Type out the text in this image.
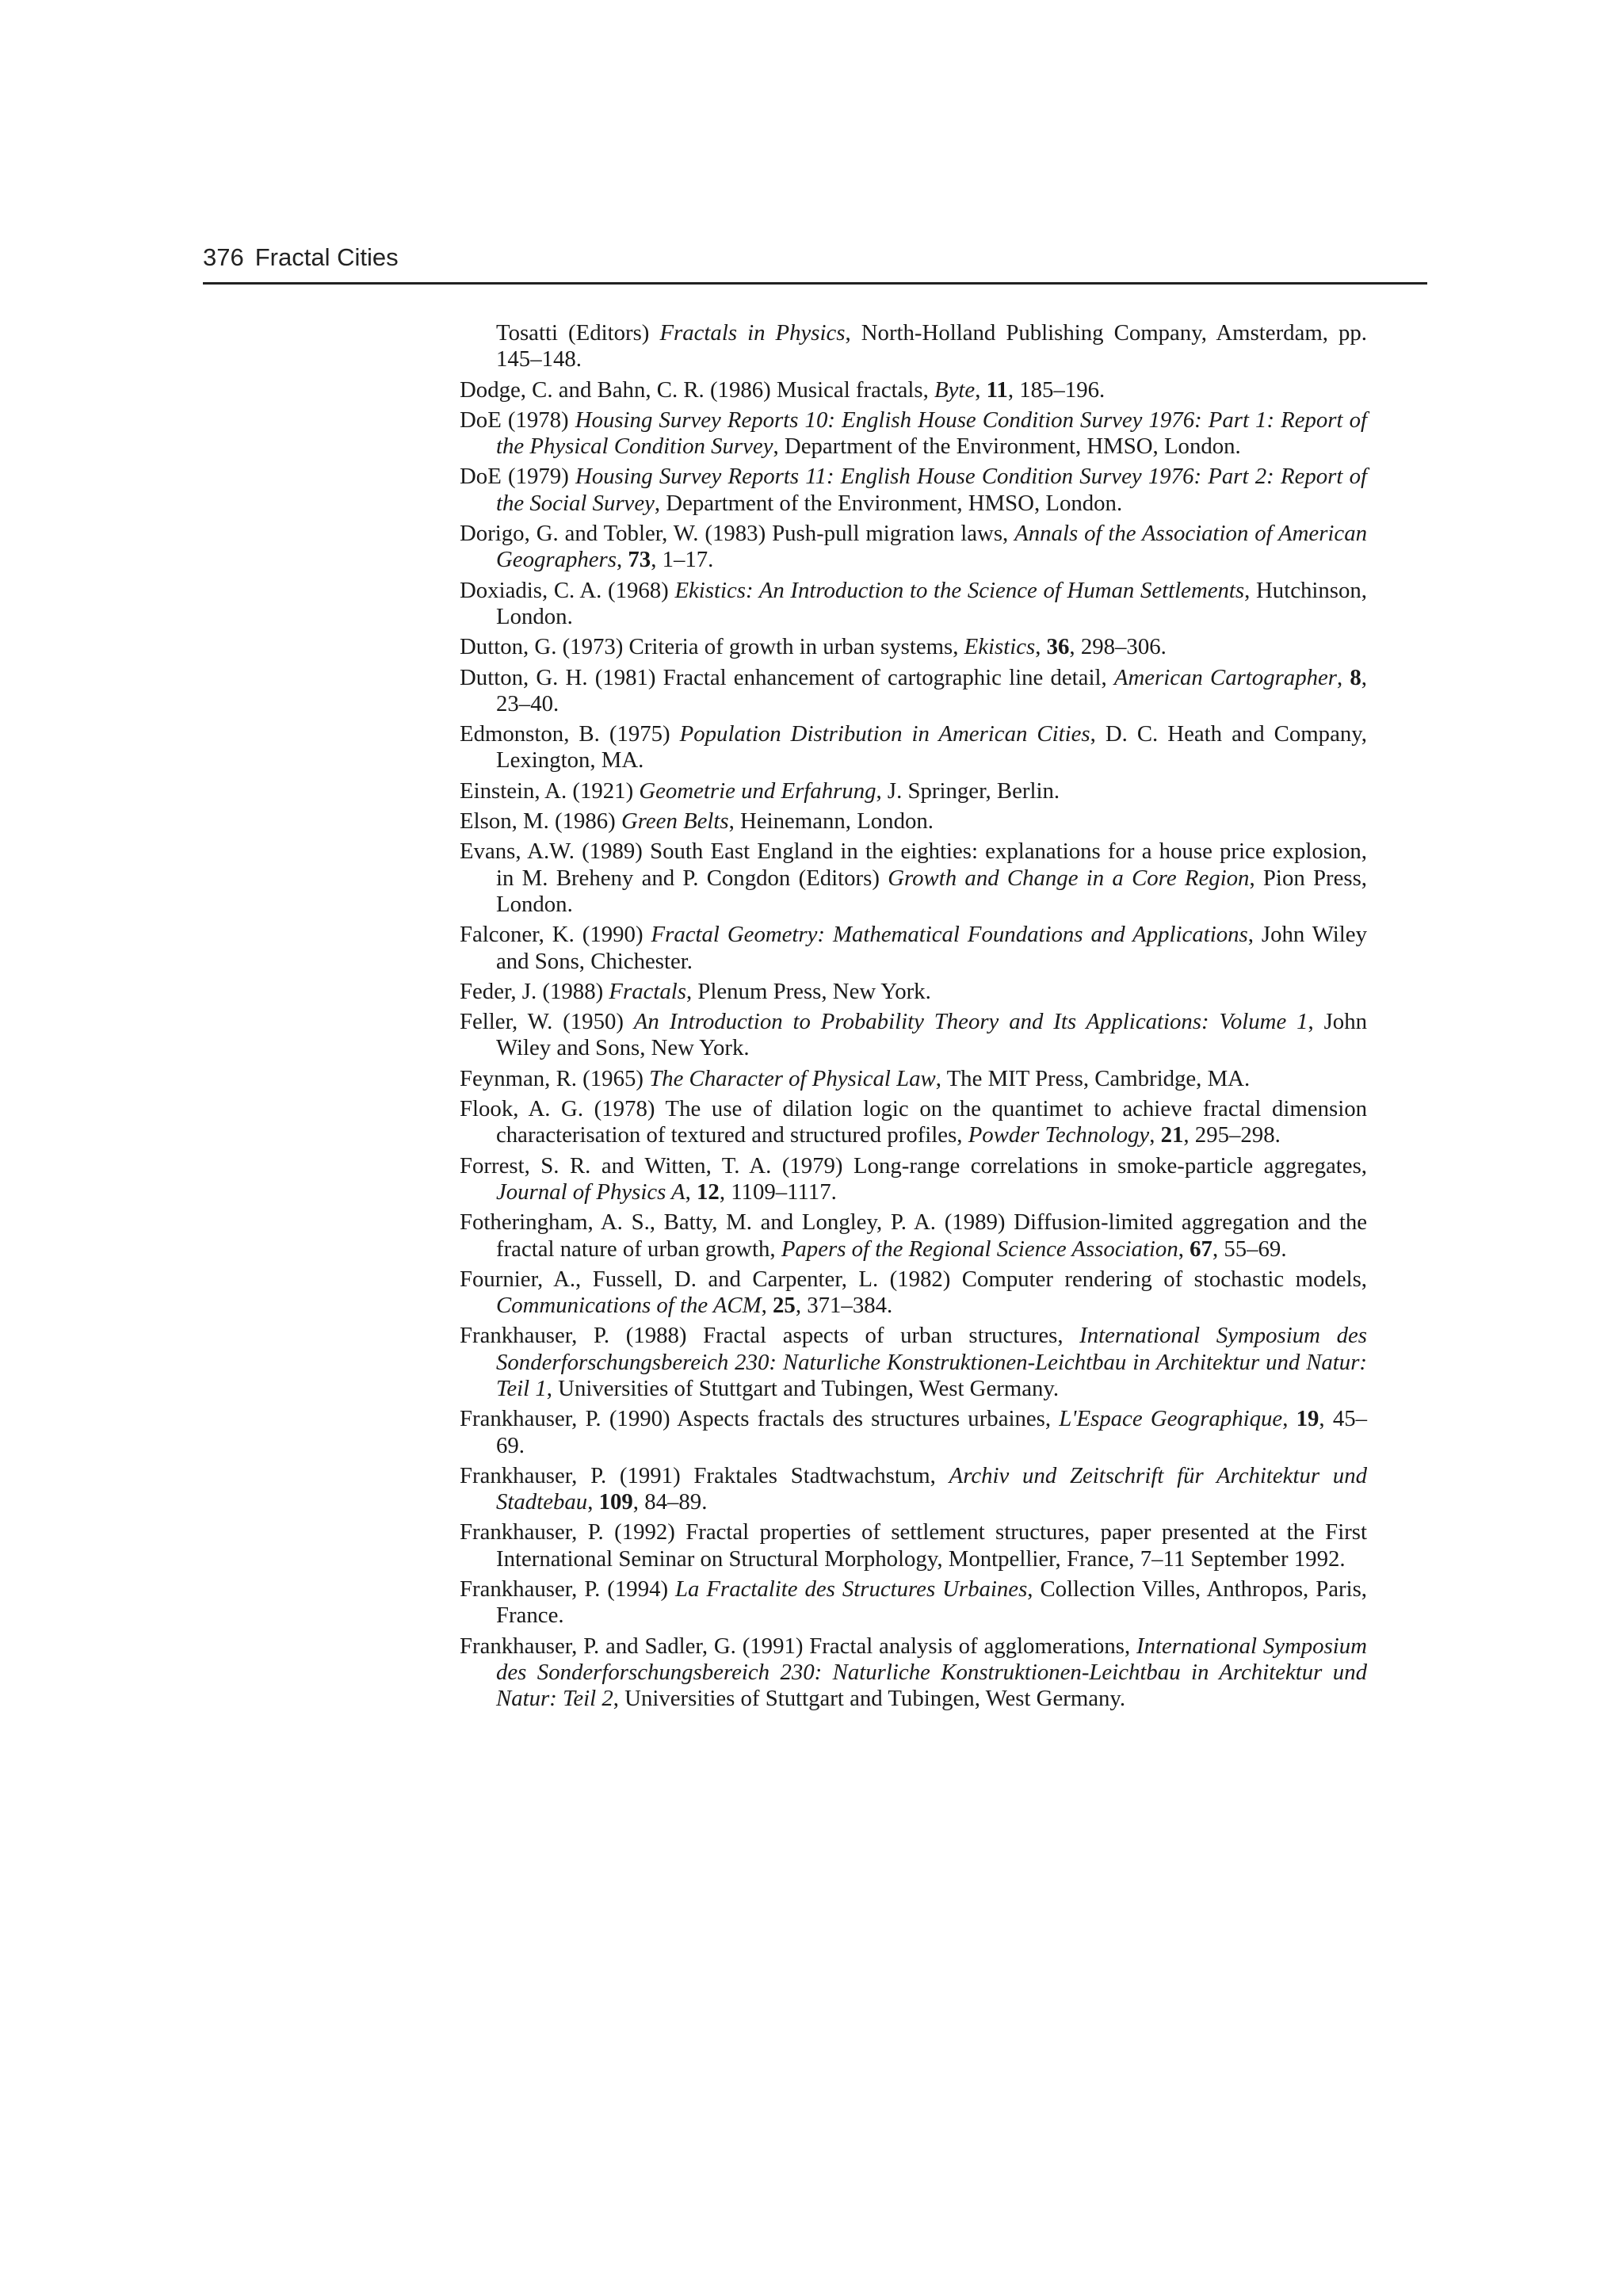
376 Fractal Cities

Tosatti (Editors) Fractals in Physics, North-Holland Publishing Company, Amsterdam, pp. 145–148.

Dodge, C. and Bahn, C. R. (1986) Musical fractals, Byte, 11, 185–196.

DoE (1978) Housing Survey Reports 10: English House Condition Survey 1976: Part 1: Report of the Physical Condition Survey, Department of the Environment, HMSO, London.

DoE (1979) Housing Survey Reports 11: English House Condition Survey 1976: Part 2: Report of the Social Survey, Department of the Environment, HMSO, London.

Dorigo, G. and Tobler, W. (1983) Push-pull migration laws, Annals of the Association of American Geographers, 73, 1–17.

Doxiadis, C. A. (1968) Ekistics: An Introduction to the Science of Human Settlements, Hutchinson, London.

Dutton, G. (1973) Criteria of growth in urban systems, Ekistics, 36, 298–306.

Dutton, G. H. (1981) Fractal enhancement of cartographic line detail, American Cartographer, 8, 23–40.

Edmonston, B. (1975) Population Distribution in American Cities, D. C. Heath and Company, Lexington, MA.

Einstein, A. (1921) Geometrie und Erfahrung, J. Springer, Berlin.

Elson, M. (1986) Green Belts, Heinemann, London.

Evans, A.W. (1989) South East England in the eighties: explanations for a house price explosion, in M. Breheny and P. Congdon (Editors) Growth and Change in a Core Region, Pion Press, London.

Falconer, K. (1990) Fractal Geometry: Mathematical Foundations and Applications, John Wiley and Sons, Chichester.

Feder, J. (1988) Fractals, Plenum Press, New York.

Feller, W. (1950) An Introduction to Probability Theory and Its Applications: Volume 1, John Wiley and Sons, New York.

Feynman, R. (1965) The Character of Physical Law, The MIT Press, Cambridge, MA.

Flook, A. G. (1978) The use of dilation logic on the quantimet to achieve fractal dimension characterisation of textured and structured profiles, Powder Technology, 21, 295–298.

Forrest, S. R. and Witten, T. A. (1979) Long-range correlations in smoke-particle aggregates, Journal of Physics A, 12, 1109–1117.

Fotheringham, A. S., Batty, M. and Longley, P. A. (1989) Diffusion-limited aggregation and the fractal nature of urban growth, Papers of the Regional Science Association, 67, 55–69.

Fournier, A., Fussell, D. and Carpenter, L. (1982) Computer rendering of stochastic models, Communications of the ACM, 25, 371–384.

Frankhauser, P. (1988) Fractal aspects of urban structures, International Symposium des Sonderforschungsbereich 230: Naturliche Konstruktionen-Leichtbau in Architektur und Natur: Teil 1, Universities of Stuttgart and Tubingen, West Germany.

Frankhauser, P. (1990) Aspects fractals des structures urbaines, L'Espace Geographique, 19, 45–69.

Frankhauser, P. (1991) Fraktales Stadtwachstum, Archiv und Zeitschrift für Architektur und Stadtebau, 109, 84–89.

Frankhauser, P. (1992) Fractal properties of settlement structures, paper presented at the First International Seminar on Structural Morphology, Montpellier, France, 7–11 September 1992.

Frankhauser, P. (1994) La Fractalite des Structures Urbaines, Collection Villes, Anthropos, Paris, France.

Frankhauser, P. and Sadler, G. (1991) Fractal analysis of agglomerations, International Symposium des Sonderforschungsbereich 230: Naturliche Konstruktionen-Leichtbau in Architektur und Natur: Teil 2, Universities of Stuttgart and Tubingen, West Germany.
